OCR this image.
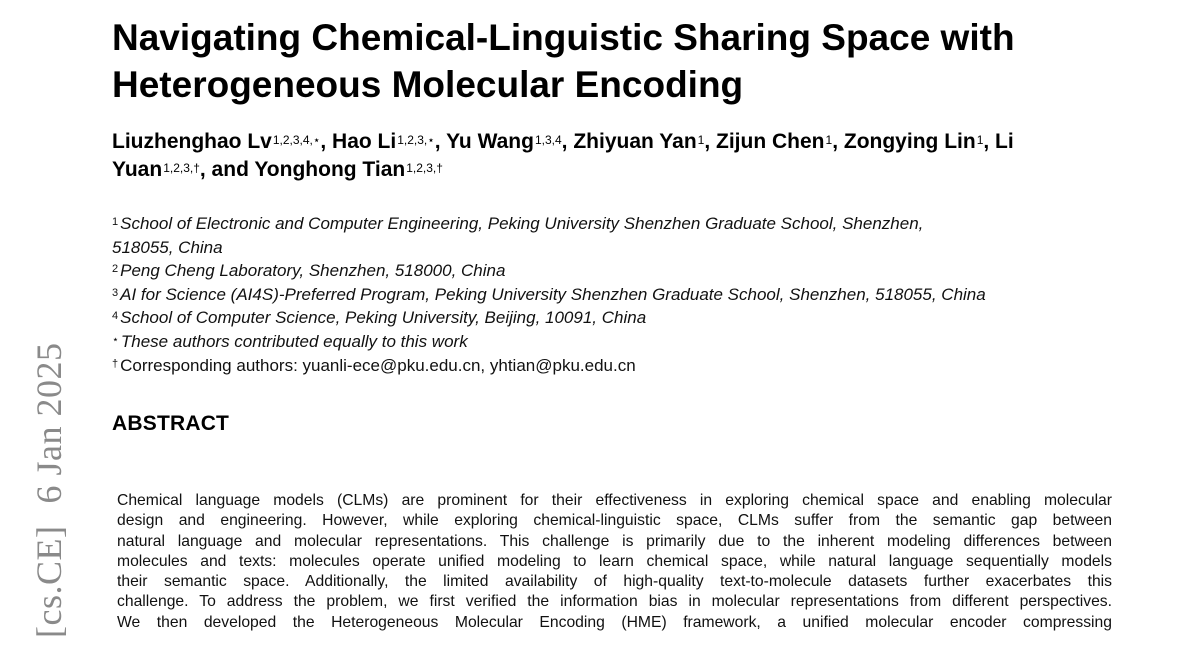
[cs.CE]6 Jan 2025
Navigating Chemical-Linguistic Sharing Space with
Heterogeneous Molecular Encoding
Liuzhenghao $Lv^{1,2,3,4,⋆}$, Hao $Li^{1,2,3,⋆}$, Yu Wang$^{1,3,4}$, Zhiyuan Yan$^1$, Zijun Chen$^1$, Zongying Lin$^1$, Li Yuan$^{1,2,3,\dagger}$, and Yonghong Tian$^{1,2,3,\dagger}$
$^1$ School of Electronic and Computer Engineering, Peking University Shenzhen Graduate School, Shenzhen,
518055, China
$^2$ Peng Cheng Laboratory, Shenzhen, 518000, China
$^3$ AI for Science (AI4S)-Preferred Program, Peking University Shenzhen Graduate School, Shenzhen, 518055, China
$^4$ School of Computer Science, Peking University, Beijing, 10091, China
⋆ These authors contributed equally to this work
† Corresponding authors: yuanli-ece@pku.edu.cn, yhtian@pku.edu.cn
ABSTRACT
Chemical language models (CLMs) are prominent for their effectiveness in exploring chemical space and enabling molecular
design and engineering. However, while exploring chemical-linguistic space, CLMs suffer from the semantic gap between
natural language and molecular representations. This challenge is primarily due to the inherent modeling differences between
molecules and texts: molecules operate unified modeling to learn chemical space, while natural language sequentially models
their semantic space. Additionally, the limited availability of high-quality text-to-molecule datasets further exacerbates this
challenge. To address the problem, we first verified the information bias in molecular representations from different perspectives.
We then developed the Heterogeneous Molecular Encoding (HME) framework, a unified molecular encoder compressing
